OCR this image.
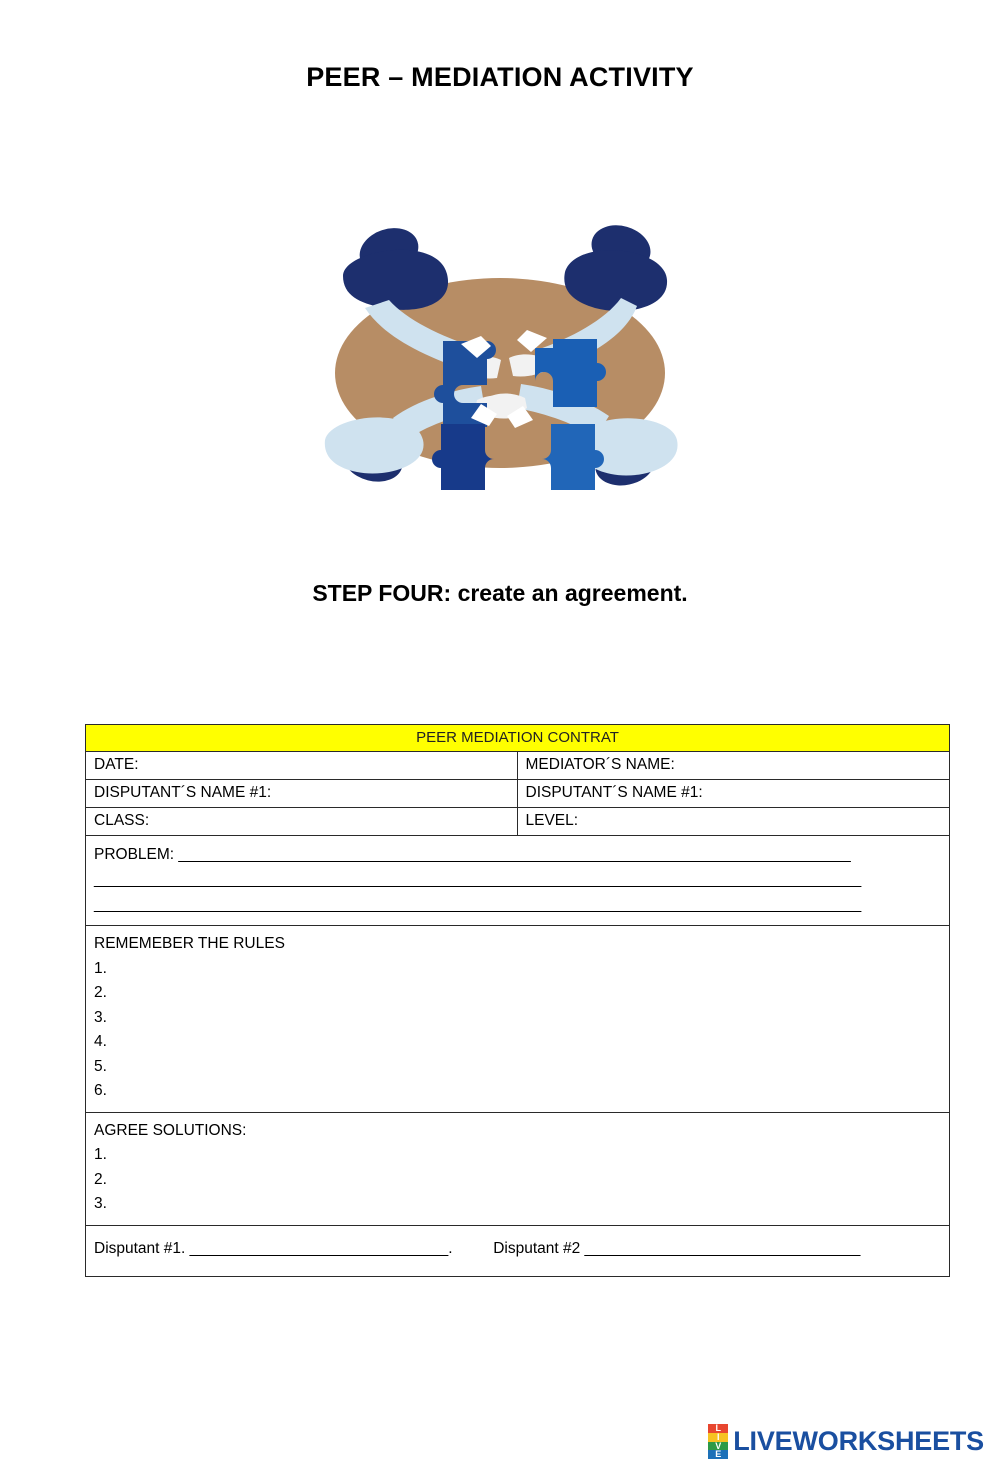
PEER – MEDIATION ACTIVITY
STEP FOUR: create an agreement.
PEER MEDIATION CONTRAT
DATE:	MEDIATOR´S NAME:
DISPUTANT´S NAME #1:	DISPUTANT´S NAME #1:
CLASS:	LEVEL:
PROBLEM: ______________________________________________________________________________
_________________________________________________________________________________________
_________________________________________________________________________________________
REMEMEBER THE RULES
1.
2.
3.
4.
5.
6.
AGREE SOLUTIONS:
1.
2.
3.
Disputant #1. ______________________________.	Disputant #2 ________________________________
L
I
V
E LIVEWORKSHEETS
